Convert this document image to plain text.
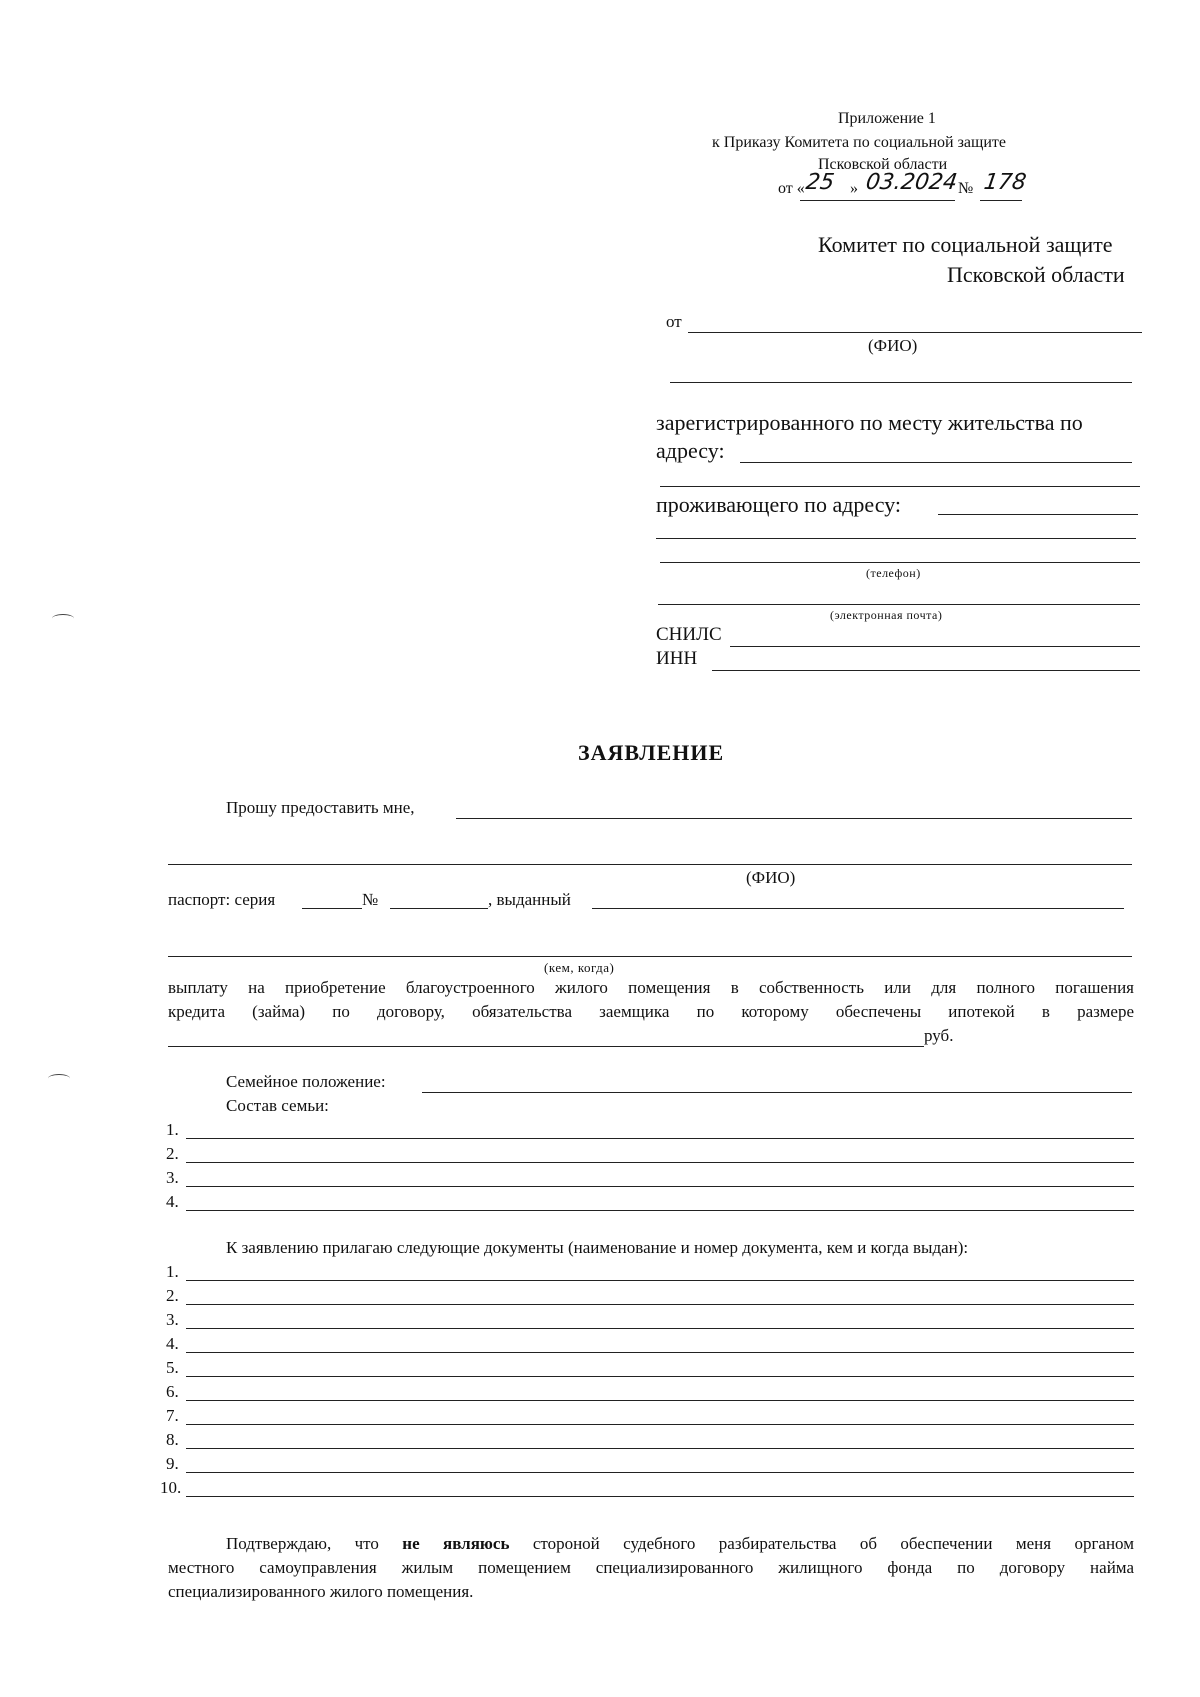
Приложение 1
к Приказу Комитета по социальной защите
Псковской области
от « 25 » 03.2024 № 178
Комитет по социальной защите
Псковской области
от
(ФИО)
зарегистрированного по месту жительства по
адресу:
проживающего по адресу:
(телефон)
(электронная почта)
СНИЛС
ИНН
ЗАЯВЛЕНИЕ
Прошу предоставить мне,
(ФИО)
паспорт: серия	№	, выданный
(кем, когда)
выплату на приобретение благоустроенного жилого помещения в собственность или для полного погашения
кредита (займа) по договору, обязательства заемщика по которому обеспечены ипотекой в размере
руб.
Семейное положение:
Состав семьи:
1.
2.
3.
4.
К заявлению прилагаю следующие документы (наименование и номер документа, кем и когда выдан):
1.
2.
3.
4.
5.
6.
7.
8.
9.
10.
Подтверждаю, что не являюсь стороной судебного разбирательства об обеспечении меня органом
местного самоуправления жилым помещением специализированного жилищного фонда по договору найма
специализированного жилого помещения.
